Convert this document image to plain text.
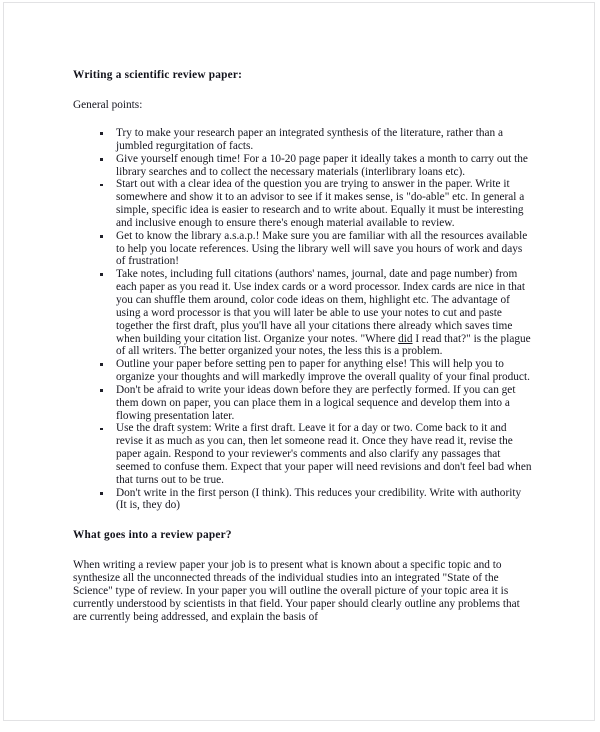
Writing a scientific review paper:
General points:
Try to make your research paper an integrated synthesis of the literature, rather than a jumbled regurgitation of facts.
Give yourself enough time! For a 10-20 page paper it ideally takes a month to carry out the library searches and to collect the necessary materials (interlibrary loans etc).
Start out with a clear idea of the question you are trying to answer in the paper. Write it somewhere and show it to an advisor to see if it makes sense, is "do-able" etc. In general a simple, specific idea is easier to research and to write about. Equally it must be interesting and inclusive enough to ensure there's enough material available to review.
Get to know the library a.s.a.p.! Make sure you are familiar with all the resources available to help you locate references. Using the library well will save you hours of work and days of frustration!
Take notes, including full citations (authors' names, journal, date and page number) from each paper as you read it. Use index cards or a word processor. Index cards are nice in that you can shuffle them around, color code ideas on them, highlight etc. The advantage of using a word processor is that you will later be able to use your notes to cut and paste together the first draft, plus you'll have all your citations there already which saves time when building your citation list. Organize your notes. "Where did I read that?" is the plague of all writers. The better organized your notes, the less this is a problem.
Outline your paper before setting pen to paper for anything else! This will help you to organize your thoughts and will markedly improve the overall quality of your final product.
Don't be afraid to write your ideas down before they are perfectly formed. If you can get them down on paper, you can place them in a logical sequence and develop them into a flowing presentation later.
Use the draft system: Write a first draft. Leave it for a day or two. Come back to it and revise it as much as you can, then let someone read it. Once they have read it, revise the paper again. Respond to your reviewer's comments and also clarify any passages that seemed to confuse them. Expect that your paper will need revisions and don't feel bad when that turns out to be true.
Don't write in the first person (I think). This reduces your credibility. Write with authority (It is, they do)
What goes into a review paper?
When writing a review paper your job is to present what is known about a specific topic and to synthesize all the unconnected threads of the individual studies into an integrated "State of the Science" type of review. In your paper you will outline the overall picture of your topic area it is currently understood by scientists in that field. Your paper should clearly outline any problems that are currently being addressed, and explain the basis of
